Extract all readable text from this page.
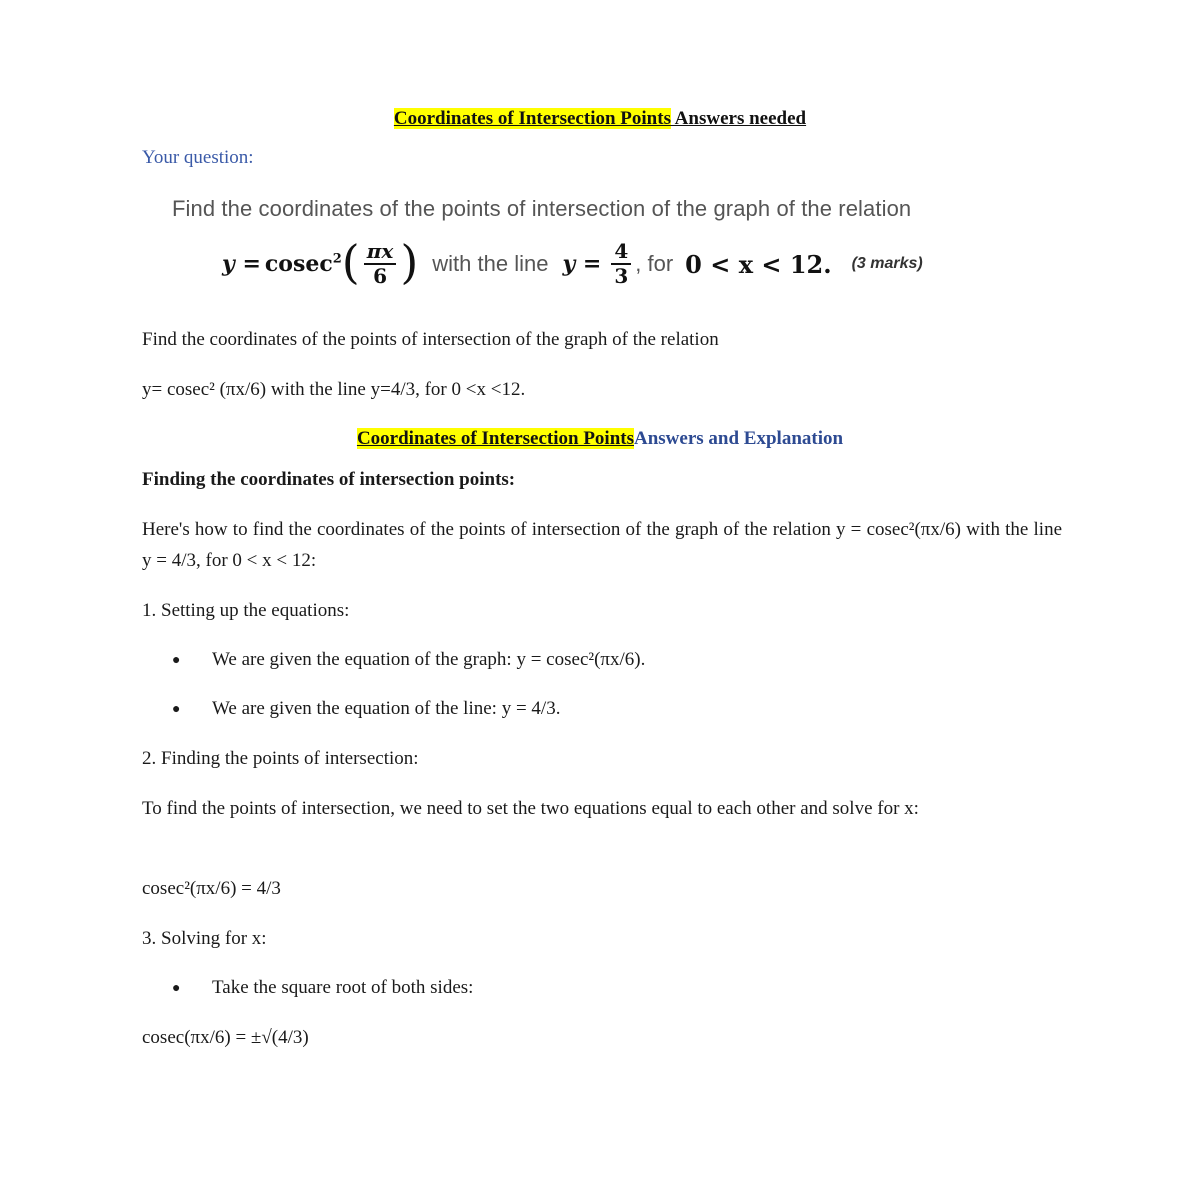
Coordinates of Intersection Points Answers needed
Your question:
Find the coordinates of the points of intersection of the graph of the relation
y = cosec$^2$ ( $\frac{\pi x}{6}$ ) with the line $y = \frac{4}{3}$ , for 0 < x < 12. (3 marks)
Find the coordinates of the points of intersection of the graph of the relation
y= cosec² (πx/6) with the line y=4/3, for 0 <x <12.
Coordinates of Intersection PointsAnswers and Explanation
Finding the coordinates of intersection points:
Here's how to find the coordinates of the points of intersection of the graph of the relation y = cosec²(πx/6) with the line y = 4/3, for 0 < x < 12:
1. Setting up the equations:
● We are given the equation of the graph: y = cosec²(πx/6).
● We are given the equation of the line: y = 4/3.
2. Finding the points of intersection:
To find the points of intersection, we need to set the two equations equal to each other and solve for x:
cosec²(πx/6) = 4/3
3. Solving for x:
● Take the square root of both sides:
cosec(πx/6) = ±√(4/3)
